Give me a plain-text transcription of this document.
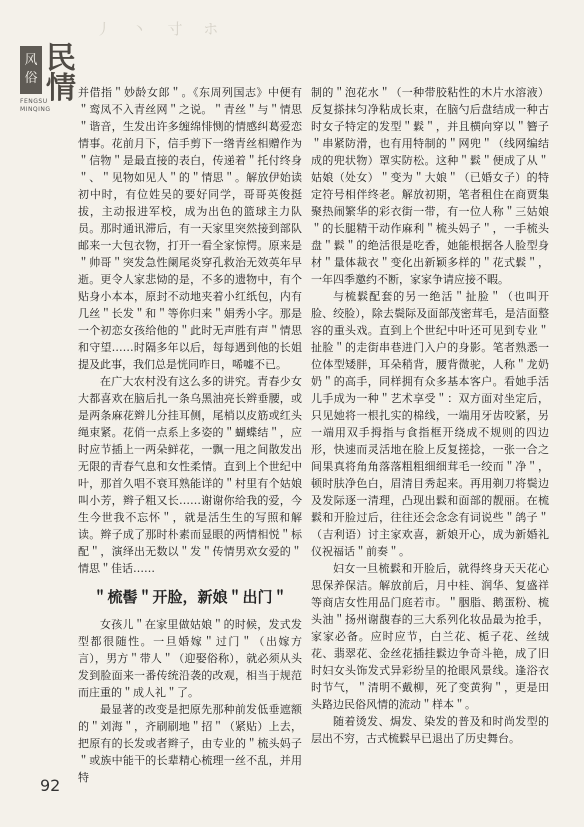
丿 丶 寸 ホ
风
俗
民情
FENGSU
MINQING

并借指＂妙龄女郎＂。《东周列国志》中便有＂鸾凤不入青丝网＂之说。＂青丝＂与＂情思＂谐音，生发出许多缠绵悱恻的情感纠葛爱恋情事。花前月下，信手剪下一绺青丝相赠作为＂信物＂是最直接的表白，传递着＂托付终身＂、＂见物如见人＂的＂情思＂。解放伊始读初中时，有位姓吴的要好同学，哥哥英俊挺拔，主动报进军校，成为出色的篮球主力队员。那时通讯滞后，有一天家里突然接到部队邮来一大包衣物，打开一看全家惊愕。原来是＂帅哥＂突发急性阑尾炎穿孔救治无效英年早逝。更令人家悲恸的是，不多的遗物中，有个贴身小本本，原封不动地夹着小红纸包，内有几丝＂长发＂和＂等你归来＂娟秀小字。那是一个初恋女孩给他的＂此时无声胜有声＂情思和守望……时隔多年以后，每每遇到他的长姐提及此事，我们总是恍同昨日，唏嘘不已。

在广大农村没有这么多的讲究。青春少女大都喜欢在脑后扎一条乌黑油亮长辫垂腰，或是两条麻花辫儿分挂耳侧，尾梢以皮筋或红头绳束紧。花俏一点系上多姿的＂蝴蝶结＂，应时应节插上一两朵鲜花，一飘一甩之间散发出无限的青春气息和女性柔情。直到上个世纪中叶，那首久唱不衰耳熟能详的＂村里有个姑娘叫小芳，辫子粗又长……谢谢你给我的爱，今生今世我不忘怀＂，就是活生生的写照和解读。辫子成了那时朴素而显眼的两情相悦＂标配＂，演绎出无数以＂发＂传情男欢女爱的＂情思＂佳话……

＂梳髻＂开脸，新娘＂出门＂

女孩儿＂在家里做姑娘＂的时候，发式发型都很随性。一旦婚嫁＂过门＂（出嫁方言），男方＂带人＂（迎娶俗称），就必须从头发到脸面来一番传统沿袭的改观，相当于规范而庄重的＂成人礼＂了。

最显著的改变是把原先那种前发低垂遮额的＂刘海＂，齐刷刷地＂招＂（紧贴）上去，把原有的长发或者辫子，由专业的＂梳头妈子＂或族中能干的长辈精心梳理一丝不乱，并用特

制的＂泡花水＂（一种带胶粘性的木片水溶液）反复搽抹匀净粘成长束，在脑勺后盘结成一种古时女子特定的发型＂鬏＂，并且横向穿以＂簪子＂串紧防滑，也有用特制的＂网兜＂（线网编结成的兜状物）罩实防松。这种＂鬏＂便成了从＂姑娘（处女）＂变为＂大娘＂（已婚女子）的特定符号相伴终老。解放初期，笔者租住在商贾集聚热闹繁华的彩衣街一带，有一位人称＂三姑娘＂的长腿精干动作麻利＂梳头妈子＂，一手梳头盘＂鬏＂的绝活很是吃香，她能根据各人脸型身材＂量体裁衣＂变化出新颖多样的＂花式鬏＂，一年四季邀约不断，家家争请应接不暇。

与梳鬏配套的另一绝活＂扯脸＂（也叫开脸、绞脸），除去鬓际及面部茂密茸毛，是洁面整容的重头戏。直到上个世纪中叶还可见到专业＂扯脸＂的走街串巷进门入户的身影。笔者熟悉一位体型矮胖，耳朵稍背，腰背微驼，人称＂龙奶奶＂的高手，同样拥有众多基本客户。看她手活儿手成为一种＂艺术享受＂：双方面对坐定后，只见她将一根扎实的棉线，一端用牙齿咬紧，另一端用双手拇指与食指框开绕成不规则的四边形，快速而灵活地在脸上反复搓捻，一张一合之间果真将角角落落粗粗细细茸毛一绞而＂净＂，顿时肤净色白，眉清目秀起来。再用剃刀将鬓边及发际逐一清理，凸现出鬏和面部的靓丽。在梳鬏和开脸过后，往往还会念念有词说些＂鸽子＂（吉利语）讨主家欢喜，新娘开心，成为新婚礼仪祝福话＂前奏＂。

妇女一旦梳鬏和开脸后，就得终身天天花心思保养保洁。解放前后，月中桂、润华、复盛祥等商店女性用品门庭若市。＂胭脂、鹅蛋粉、梳头油＂扬州谢馥春的三大系列化妆品最为抢手，家家必备。应时应节，白兰花、栀子花、丝绒花、翡翠花、金丝花插挂鬏边争奇斗艳，成了旧时妇女头饰发式异彩纷呈的抢眼风景线。逢浴衣时节气，＂清明不戴柳，死了变黄狗＂，更是田头路边民俗风情的流动＂样本＂。

随着烫发、焗发、染发的普及和时尚发型的层出不穷，古式梳鬏早已退出了历史舞台。

92
